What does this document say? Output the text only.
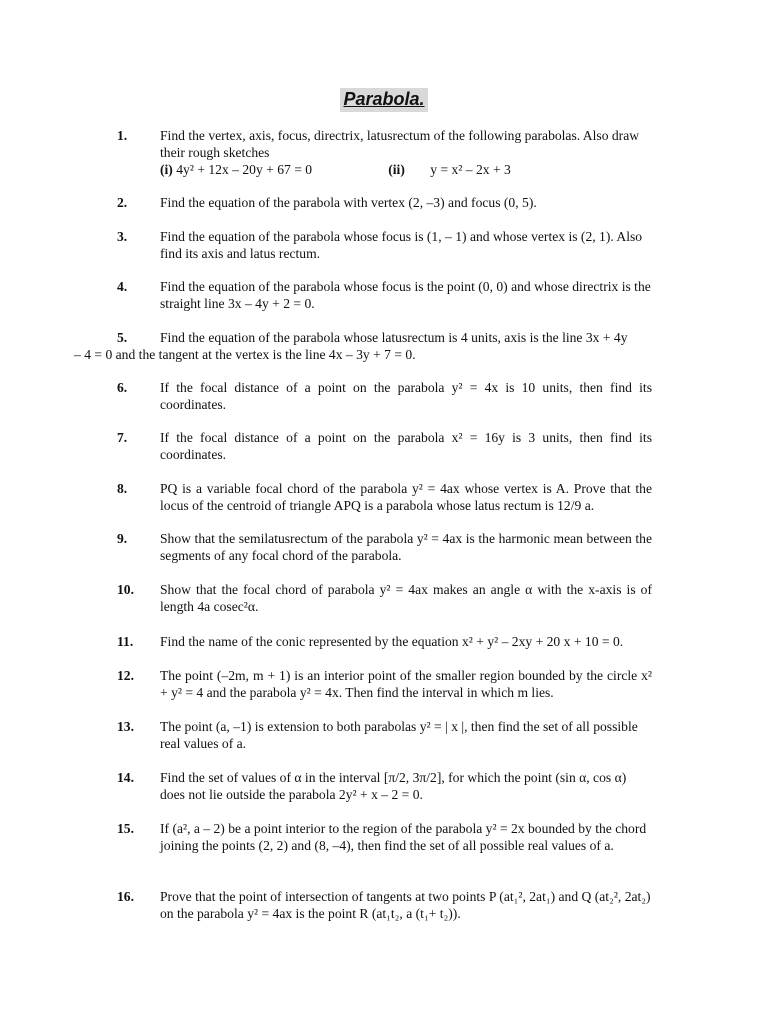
Parabola.
1. Find the vertex, axis, focus, directrix, latusrectum of the following parabolas. Also draw their rough sketches
(i)
4y² + 12x – 20y + 67 = 0	(ii)	y = x² – 2x + 3
2. Find the equation of the parabola with vertex (2, –3) and focus (0, 5).
3. Find the equation of the parabola whose focus is (1, – 1) and whose vertex is (2, 1). Also find its axis and latus rectum.
4. Find the equation of the parabola whose focus is the point (0, 0) and whose directrix is the straight line 3x – 4y + 2 = 0.
5.	Find the equation of the parabola whose latusrectum is 4 units, axis is the line 3x + 4y
– 4 = 0 and the tangent at the vertex is the line 4x – 3y + 7 = 0.
6. If the focal distance of a point on the parabola y² = 4x is 10 units, then find its coordinates.
7. If the focal distance of a point on the parabola x² = 16y is 3 units, then find its coordinates.
8. PQ is a variable focal chord of the parabola y² = 4ax whose vertex is A. Prove that the locus of the centroid of triangle APQ is a parabola whose latus rectum is 12/9 a.
9. Show that the semilatusrectum of the parabola y² = 4ax is the harmonic mean between the segments of any focal chord of the parabola.
10. Show that the focal chord of parabola y² = 4ax makes an angle α with the x-axis is of length 4a cosec²α.
11. Find the name of the conic represented by the equation x² + y² – 2xy + 20 x + 10 = 0.
12. The point (–2m, m + 1) is an interior point of the smaller region bounded by the circle x² + y² = 4 and the parabola y² = 4x. Then find the interval in which m lies.
13. The point (a, –1) is extension to both parabolas y² = | x |, then find the set of all possible real values of a.
14. Find the set of values of α in the interval [π/2, 3π/2], for which the point (sin α, cos α) does not lie outside the parabola 2y² + x – 2 = 0.
15. If (a², a – 2) be a point interior to the region of the parabola y² = 2x bounded by the chord joining the points (2, 2) and (8, –4), then find the set of all possible real values of a.
16. Prove that the point of intersection of tangents at two points P (at₁², 2at₁) and Q (at₂², 2at₂) on the parabola y² = 4ax is the point R (at₁t₂, a (t₁+ t₂)).
